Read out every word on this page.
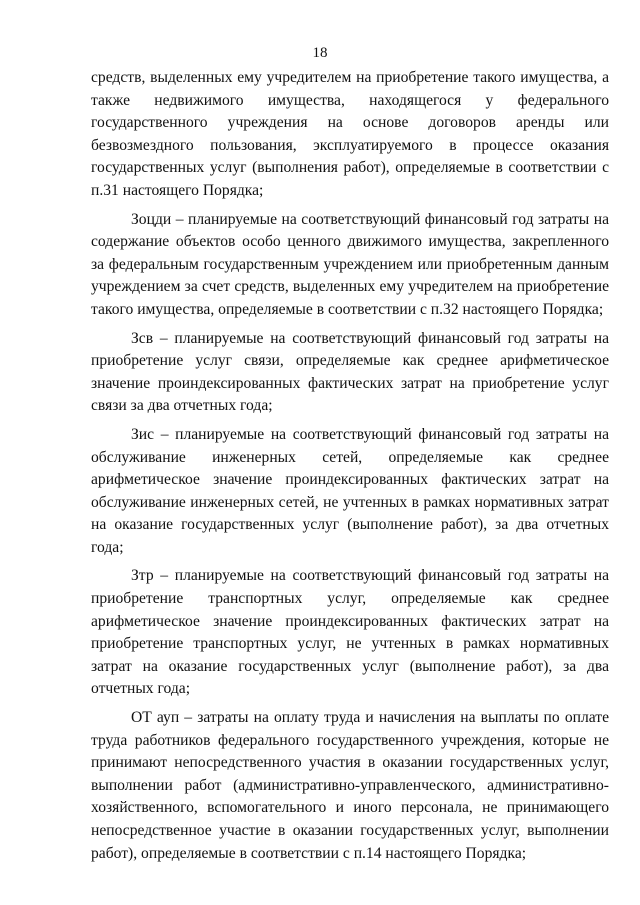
18

средств, выделенных ему учредителем на приобретение такого имущества, а также недвижимого имущества, находящегося у федерального государственного учреждения на основе договоров аренды или безвозмездного пользования, эксплуатируемого в процессе оказания государственных услуг (выполнения работ), определяемые в соответствии с п.31 настоящего Порядка;

Зоцди – планируемые на соответствующий финансовый год затраты на содержание объектов особо ценного движимого имущества, закрепленного за федеральным государственным учреждением или приобретенным данным учреждением за счет средств, выделенных ему учредителем на приобретение такого имущества, определяемые в соответствии с п.32 настоящего Порядка;

Зсв – планируемые на соответствующий финансовый год затраты на приобретение услуг связи, определяемые как среднее арифметическое значение проиндексированных фактических затрат на приобретение услуг связи за два отчетных года;

Зис – планируемые на соответствующий финансовый год затраты на обслуживание инженерных сетей, определяемые как среднее арифметическое значение проиндексированных фактических затрат на обслуживание инженерных сетей, не учтенных в рамках нормативных затрат на оказание государственных услуг (выполнение работ), за два отчетных года;

Зтр – планируемые на соответствующий финансовый год затраты на приобретение транспортных услуг, определяемые как среднее арифметическое значение проиндексированных фактических затрат на приобретение транспортных услуг, не учтенных в рамках нормативных затрат на оказание государственных услуг (выполнение работ), за два отчетных года;

ОТ ауп – затраты на оплату труда и начисления на выплаты по оплате труда работников федерального государственного учреждения, которые не принимают непосредственного участия в оказании государственных услуг, выполнении работ (административно-управленческого, административно-хозяйственного, вспомогательного и иного персонала, не принимающего непосредственное участие в оказании государственных услуг, выполнении работ), определяемые в соответствии с п.14 настоящего Порядка;
